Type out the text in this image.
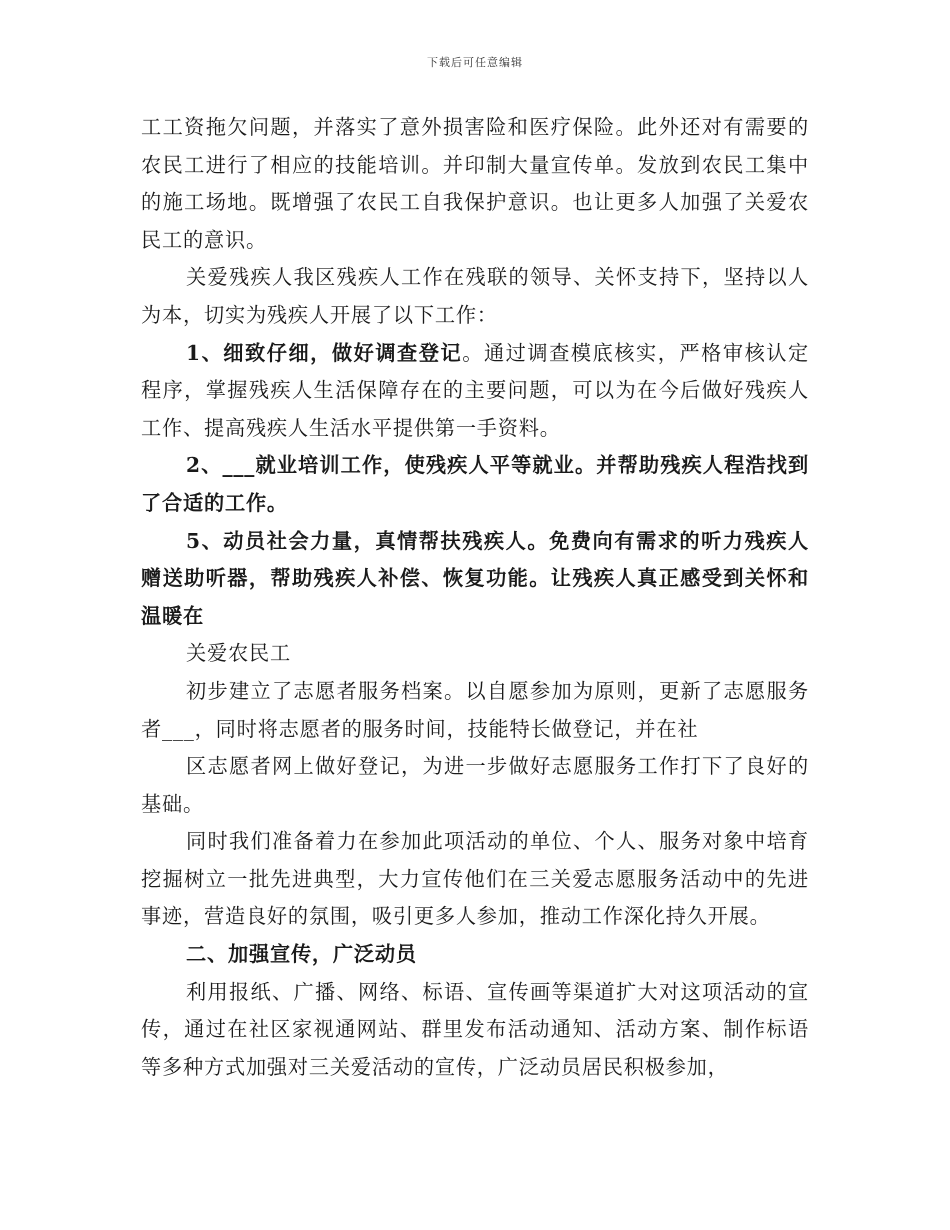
下载后可任意编辑

工工资拖欠问题，并落实了意外损害险和医疗保险。此外还对有需要的农民工进行了相应的技能培训。并印制大量宣传单。发放到农民工集中的施工场地。既增强了农民工自我保护意识。也让更多人加强了关爱农民工的意识。

关爱残疾人我区残疾人工作在残联的领导、关怀支持下，坚持以人为本，切实为残疾人开展了以下工作：

1、细致仔细，做好调查登记。通过调查模底核实，严格审核认定程序，掌握残疾人生活保障存在的主要问题，可以为在今后做好残疾人工作、提高残疾人生活水平提供第一手资料。

2、___就业培训工作，使残疾人平等就业。并帮助残疾人程浩找到了合适的工作。

5、动员社会力量，真情帮扶残疾人。免费向有需求的听力残疾人赠送助听器，帮助残疾人补偿、恢复功能。让残疾人真正感受到关怀和温暖在

关爱农民工

初步建立了志愿者服务档案。以自愿参加为原则，更新了志愿服务者___，同时将志愿者的服务时间，技能特长做登记，并在社

区志愿者网上做好登记，为进一步做好志愿服务工作打下了良好的基础。

同时我们准备着力在参加此项活动的单位、个人、服务对象中培育挖掘树立一批先进典型，大力宣传他们在三关爱志愿服务活动中的先进事迹，营造良好的氛围，吸引更多人参加，推动工作深化持久开展。

二、加强宣传，广泛动员

利用报纸、广播、网络、标语、宣传画等渠道扩大对这项活动的宣传，通过在社区家视通网站、群里发布活动通知、活动方案、制作标语等多种方式加强对三关爱活动的宣传，广泛动员居民积极参加，
